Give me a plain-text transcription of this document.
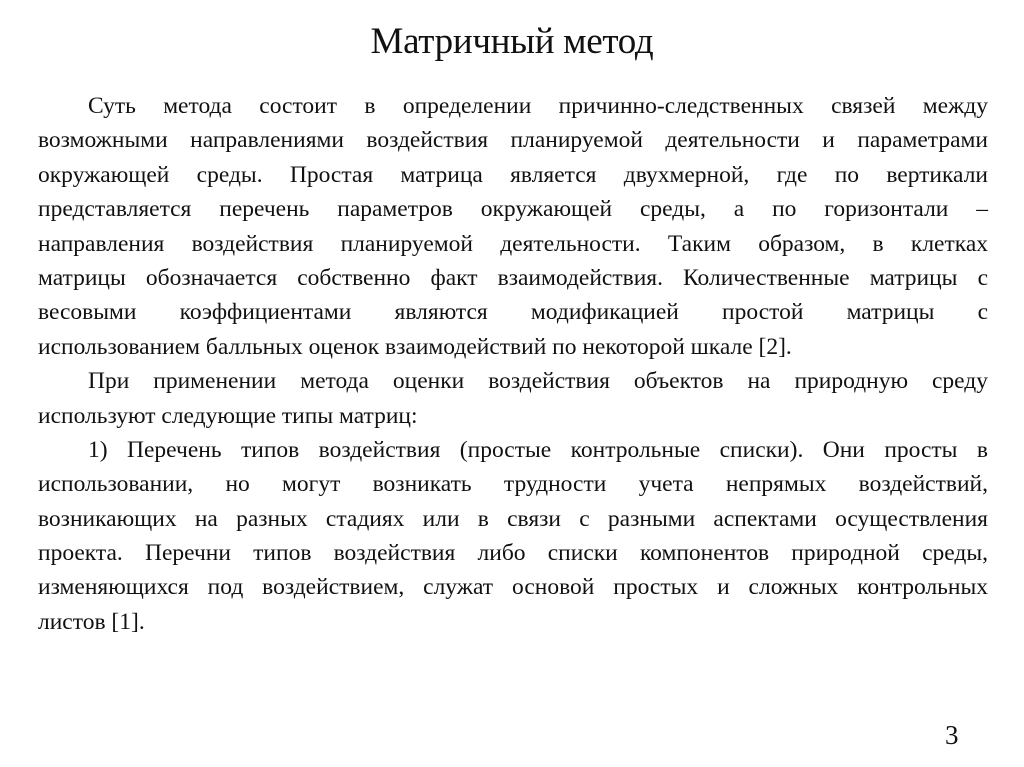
Матричный метод
Суть метода состоит в определении причинно-следственных связей между
возможными направлениями воздействия планируемой деятельности и параметрами
окружающей среды. Простая матрица является двухмерной, где по вертикали
представляется перечень параметров окружающей среды, а по горизонтали –
направления воздействия планируемой деятельности. Таким образом, в клетках
матрицы обозначается собственно факт взаимодействия. Количественные матрицы с
весовыми коэффициентами являются модификацией простой матрицы с
использованием балльных оценок взаимодействий по некоторой шкале [2].
При применении метода оценки воздействия объектов на природную среду
используют следующие типы матриц:
1) Перечень типов воздействия (простые контрольные списки). Они просты в
использовании, но могут возникать трудности учета непрямых воздействий,
возникающих на разных стадиях или в связи с разными аспектами осуществления
проекта. Перечни типов воздействия либо списки компонентов природной среды,
изменяющихся под воздействием, служат основой простых и сложных контрольных
листов [1].
3
